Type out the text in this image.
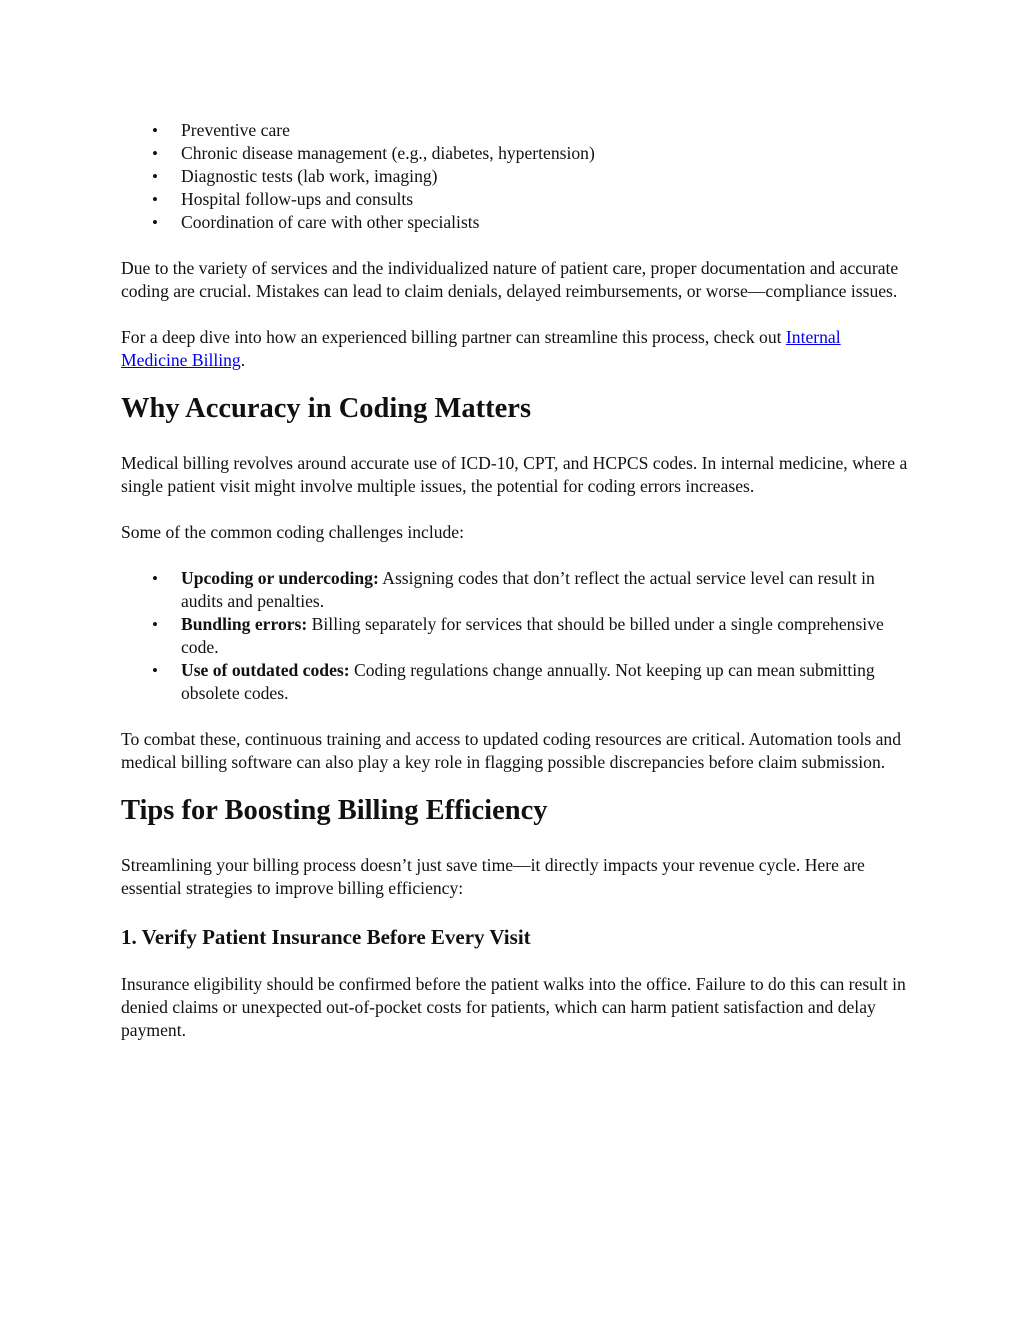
• Preventive care
• Chronic disease management (e.g., diabetes, hypertension)
• Diagnostic tests (lab work, imaging)
• Hospital follow-ups and consults
• Coordination of care with other specialists

Due to the variety of services and the individualized nature of patient care, proper documentation and accurate coding are crucial. Mistakes can lead to claim denials, delayed reimbursements, or worse—compliance issues.

For a deep dive into how an experienced billing partner can streamline this process, check out Internal Medicine Billing.

Why Accuracy in Coding Matters

Medical billing revolves around accurate use of ICD-10, CPT, and HCPCS codes. In internal medicine, where a single patient visit might involve multiple issues, the potential for coding errors increases.

Some of the common coding challenges include:

• Upcoding or undercoding: Assigning codes that don’t reflect the actual service level can result in audits and penalties.
• Bundling errors: Billing separately for services that should be billed under a single comprehensive code.
• Use of outdated codes: Coding regulations change annually. Not keeping up can mean submitting obsolete codes.

To combat these, continuous training and access to updated coding resources are critical. Automation tools and medical billing software can also play a key role in flagging possible discrepancies before claim submission.

Tips for Boosting Billing Efficiency

Streamlining your billing process doesn’t just save time—it directly impacts your revenue cycle. Here are essential strategies to improve billing efficiency:

1. Verify Patient Insurance Before Every Visit

Insurance eligibility should be confirmed before the patient walks into the office. Failure to do this can result in denied claims or unexpected out-of-pocket costs for patients, which can harm patient satisfaction and delay payment.
